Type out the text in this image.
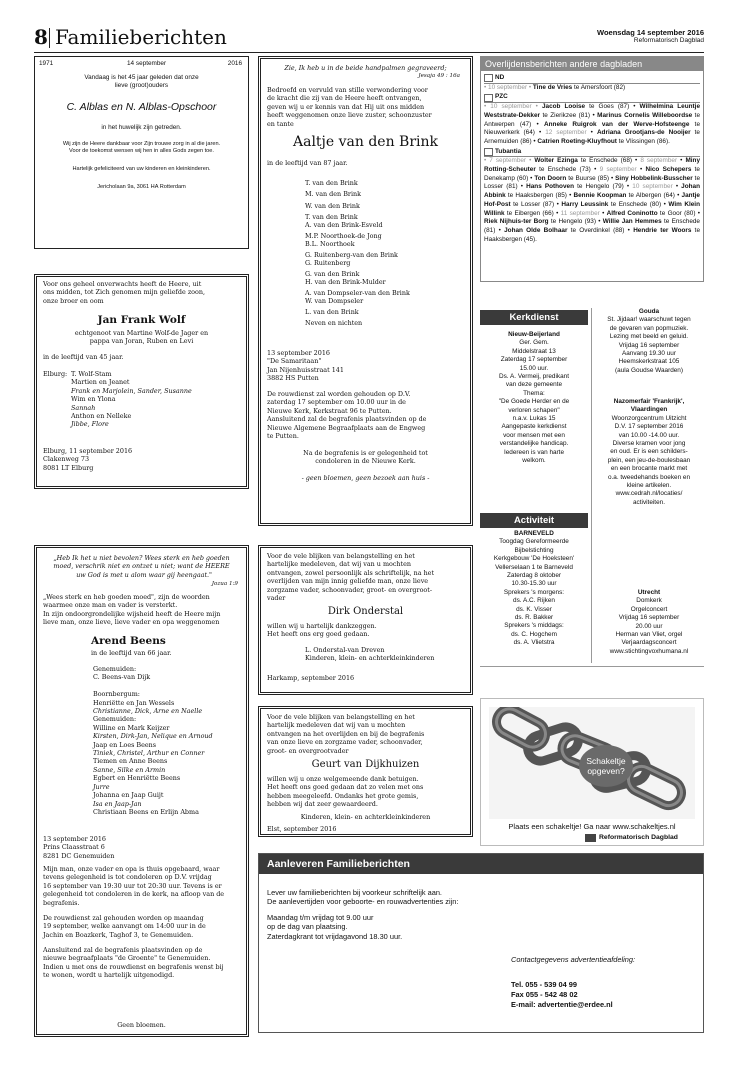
8 Familieberichten	Woensdag 14 september 2016
Reformatorisch Dagblad
1971	14 september	2016
Vandaag is het 45 jaar geleden dat onze
lieve (groot)ouders
C. Alblas en N. Alblas-Opschoor
in het huwelijk zijn getreden.
Wij zijn de Heere dankbaar voor Zijn trouwe zorg in al die jaren.
Voor de toekomst wensen wij hen in alles Gods zegen toe.
Hartelijk gefeliciteerd van uw kinderen en kleinkinderen.
Jericholaan 9a, 3061 HA Rotterdam
Voor ons geheel onverwachts heeft de Heere, uit
ons midden, tot Zich genomen mijn geliefde zoon,
onze broer en oom
Jan Frank Wolf
echtgenoot van Martine Wolf-de Jager en
pappa van Joran, Ruben en Levi
in de leeftijd van 45 jaar.
Elburg: T. Wolf-Stam
Martien en Jeanet
Frank en Marjolein, Sander, Susanne
Wim en Ylona
Sannah
Anthon en Nelleke
Jibbe, Flore
Elburg, 11 september 2016
Clakenweg 73
8081 LT Elburg
„Heb Ik het u niet bevolen? Wees sterk en heb goeden
moed, verschrik niet en ontzet u niet; want de HEERE
uw God is met u alom waar gij heengaat."
Jozua 1:9
„Wees sterk en heb goeden moed", zijn de woorden
waarmee onze man en vader is versterkt.
In zijn ondoorgrondelijke wijsheid heeft de Heere mijn
lieve man, onze lieve, lieve vader en opa weggenomen
Arend Beens
in de leeftijd van 66 jaar.
Genemuiden:
C. Beens-van Dijk

Boornbergum:
Henriëtte en Jan Wessels
Christianne, Dick, Arne en Naelle
Genemuiden:
Willine en Mark Keijzer
Kirsten, Dirk-Jan, Nelique en Arnoud
Jaap en Loes Beens
Tiniek, Christel, Arthur en Conner
Tiemen en Anne Beens
Sanne, Silke en Armin
Egbert en Henriëtte Beens
Jurre
Johanna en Jaap Guijt
Isa en Jaap-Jan
Christiaan Beens en Erlijn Abma
13 september 2016
Prins Claasstraat 6
8281 DC Genemuiden
Mijn man, onze vader en opa is thuis opgebaard, waar
tevens gelegenheid is tot condoleren op D.V. vrijdag
16 september van 19:30 uur tot 20:30 uur. Tevens is er
gelegenheid tot condoleren in de kerk, na afloop van de
begrafenis.
De rouwdienst zal gehouden worden op maandag
19 september, welke aanvangt om 14:00 uur in de
Jachin en Boazkerk, Taghof 3, te Genemuiden.
Aansluitend zal de begrafenis plaatsvinden op de
nieuwe begraafplaats "de Groente" te Genemuiden.
Indien u met ons de rouwdienst en begrafenis wenst bij
te wonen, wordt u hartelijk uitgenodigd.
Geen bloemen.
Zie, Ik heb u in de beide handpalmen gegraveerd;
Jesaja 49 : 16a
Bedroefd en vervuld van stille verwondering voor
de kracht die zij van de Heere heeft ontvangen,
geven wij u er kennis van dat Hij uit ons midden
heeft weggenomen onze lieve zuster, schoonzuster
en tante
Aaltje van den Brink
in de leeftijd van 87 jaar.
T. van den Brink

M. van den Brink

W. van den Brink

T. van den Brink
A. van den Brink-Esveld

M.P. Noorthoek-de Jong
B.L. Noorthoek

G. Ruitenberg-van den Brink
G. Ruitenberg

G. van den Brink
H. van den Brink-Mulder

A. van Dompseler-van den Brink
W. van Dompseler

L. van den Brink

Neven en nichten
13 september 2016
"De Samaritaan"
Jan Nijenhuisstraat 141
3882 HS Putten
De rouwdienst zal worden gehouden op D.V.
zaterdag 17 september om 10.00 uur in de
Nieuwe Kerk, Kerkstraat 96 te Putten.
Aansluitend zal de begrafenis plaatsvinden op de
Nieuwe Algemene Begraafplaats aan de Engweg
te Putten.
Na de begrafenis is er gelegenheid tot
condoleren in de Nieuwe Kerk.
- geen bloemen, geen bezoek aan huis -
Voor de vele blijken van belangstelling en het
hartelijke medeleven, dat wij van u mochten
ontvangen, zowel persoonlijk als schriftelijk, na het
overlijden van mijn innig geliefde man, onze lieve
zorgzame vader, schoonvader, groot- en overgroot-
vader
Dirk Onderstal
willen wij u hartelijk dankzeggen.
Het heeft ons erg goed gedaan.
L. Onderstal-van Dreven
Kinderen, klein- en achterkleinkinderen
Harkamp, september 2016
Voor de vele blijken van belangstelling en het
hartelijk medeleven dat wij van u mochten
ontvangen na het overlijden en bij de begrafenis
van onze lieve en zorgzame vader, schoonvader,
groot- en overgrootvader
Geurt van Dijkhuizen
willen wij u onze welgemeende dank betuigen.
Het heeft ons goed gedaan dat zo velen met ons
hebben meegeleefd. Ondanks het grote gemis,
hebben wij dat zeer gewaardeerd.
Kinderen, klein- en achterkleinkinderen
Elst, september 2016
Overlijdensberichten andere dagbladen
ND
• 10 september • Tine de Vries te Amersfoort (82)
PZC
• 10 september • Jacob Looise te Goes (87) • Wilhelmina Leuntje Weststrate-Dekker te Zierikzee (81) • Marinus Cornelis Willeboordse te Antwerpen (47) • Anneke Ruigrok van der Werve-Hofsteenge te Nieuwerkerk (64) • 12 september • Adriana Grootjans-de Nooijer te Arnemuiden (86) • Catrien Roeting-Kluyfhout te Vlissingen (86).
Tubantia
• 7 september • Wolter Ezinga te Enschede (68) • 8 september • Miny Rotting-Scheuter te Enschede (73) • 9 september • Nico Schepers te Denekamp (60) • Ton Doorn te Buurse (85) • Siny Hobbelink-Busscher te Losser (81) • Hans Pothoven te Hengelo (79) • 10 september • Johan Abbink te Haaksbergen (85) • Bennie Koopman te Albergen (64) • Jantje Hof-Post te Losser (87) • Harry Leussink te Enschede (80) • Wim Klein Willink te Eibergen (66) • 11 september • Alfred Coninotto te Goor (80) • Riek Nijhuis-ter Borg te Hengelo (93) • Willie Jan Hemmes te Enschede (81) • Johan Olde Bolhaar te Overdinkel (88) • Hendrie ter Woors te Haaksbergen (45).
Kerkdienst
Nieuw-Beijerland
Ger. Gem.
Middelstraat 13
Zaterdag 17 september
15.00 uur.
Ds. A. Vermeij, predikant
van deze gemeente
Thema:
"De Goede Herder en de
verloren schapen"
n.a.v. Lukas 15
Aangepaste kerkdienst
voor mensen met een
verstandelijke handicap.
Iedereen is van harte
welkom.
Activiteit
BARNEVELD
Toogdag Gereformeerde
Bijbelstichting
Kerkgebouw 'De Hoeksteen'
Vellerselaan 1 te Barneveld
Zaterdag 8 oktober
10.30-15.30 uur
Sprekers 's morgens:
ds. A.C. Rijken
ds. K. Visser
ds. R. Bakker
Sprekers 's middags:
ds. C. Hogchem
ds. A. Vlietstra
Gouda
St. Jijdaar! waarschuwt tegen
de gevaren van popmuziek.
Lezing met beeld en geluid.
Vrijdag 16 september
Aanvang 19.30 uur
Heemskerkstraat 105
(aula Goudse Waarden)
Nazomerfair 'Frankrijk',
Vlaardingen
Woonzorgcentrum Uitzicht
D.V. 17 september 2016
van 10.00 -14.00 uur.
Diverse kramen voor jong
en oud. Er is een schilders-
plein, een jeu-de-boulesbaan
en een brocante markt met
o.a. tweedehands boeken en
kleine artikelen.
www.cedrah.nl/locaties/
activiteiten.
Utrecht
Domkerk
Orgelconcert
Vrijdag 16 september
20.00 uur
Herman van Vliet, orgel
Verjaardagsconcert
www.stichtingvoxhumana.nl
Schakeltje
opgeven?
Plaats een schakeltje! Ga naar www.schakeltjes.nl
Reformatorisch Dagblad
Aanleveren Familieberichten
Lever uw familieberichten bij voorkeur schriftelijk aan.
De aanlevertijden voor geboorte- en rouwadvertenties zijn:
Maandag t/m vrijdag tot 9.00 uur
op de dag van plaatsing.
Zaterdagkrant tot vrijdagavond 18.30 uur.
Contactgegevens advertentieafdeling:
Tel. 055 - 539 04 99
Fax 055 - 542 48 02
E-mail: advertentie@erdee.nl
